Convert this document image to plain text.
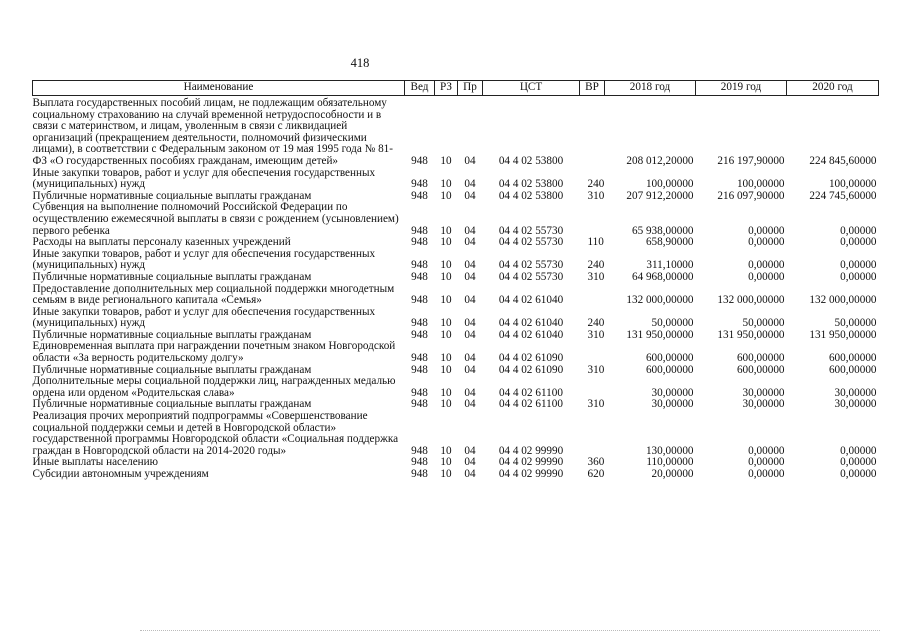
418
Наименование	Вед	РЗ	Пр	ЦСТ	ВР	2018 год	2019 год	2020 год
Выплата государственных пособий лицам, не подлежащим обязательному социальному страхованию на случай временной нетрудоспособности и в связи с материнством, и лицам, уволенным в связи с ликвидацией организаций (прекращением деятельности, полномочий физическими лицами), в соответствии с Федеральным законом от 19 мая 1995 года № 81-ФЗ «О государственных пособиях гражданам, имеющим детей»	948	10	04	04 4 02 53800		208 012,20000	216 197,90000	224 845,60000
Иные закупки товаров, работ и услуг для обеспечения государственных (муниципальных) нужд	948	10	04	04 4 02 53800	240	100,00000	100,00000	100,00000
Публичные нормативные социальные выплаты гражданам	948	10	04	04 4 02 53800	310	207 912,20000	216 097,90000	224 745,60000
Субвенция на выполнение полномочий Российской Федерации по осуществлению ежемесячной выплаты в связи с рождением (усыновлением) первого ребенка	948	10	04	04 4 02 55730		65 938,00000	0,00000	0,00000
Расходы на выплаты персоналу казенных учреждений	948	10	04	04 4 02 55730	110	658,90000	0,00000	0,00000
Иные закупки товаров, работ и услуг для обеспечения государственных (муниципальных) нужд	948	10	04	04 4 02 55730	240	311,10000	0,00000	0,00000
Публичные нормативные социальные выплаты гражданам	948	10	04	04 4 02 55730	310	64 968,00000	0,00000	0,00000
Предоставление дополнительных мер социальной поддержки многодетным семьям в виде регионального капитала «Семья»	948	10	04	04 4 02 61040		132 000,00000	132 000,00000	132 000,00000
Иные закупки товаров, работ и услуг для обеспечения государственных (муниципальных) нужд	948	10	04	04 4 02 61040	240	50,00000	50,00000	50,00000
Публичные нормативные социальные выплаты гражданам	948	10	04	04 4 02 61040	310	131 950,00000	131 950,00000	131 950,00000
Единовременная выплата при награждении почетным знаком Новгородской области «За верность родительскому долгу»	948	10	04	04 4 02 61090		600,00000	600,00000	600,00000
Публичные нормативные социальные выплаты гражданам	948	10	04	04 4 02 61090	310	600,00000	600,00000	600,00000
Дополнительные меры социальной поддержки лиц, награжденных медалью ордена или орденом «Родительская слава»	948	10	04	04 4 02 61100		30,00000	30,00000	30,00000
Публичные нормативные социальные выплаты гражданам	948	10	04	04 4 02 61100	310	30,00000	30,00000	30,00000
Реализация прочих мероприятий подпрограммы «Совершенствование социальной поддержки семьи и детей в Новгородской области» государственной программы Новгородской области «Социальная поддержка граждан в Новгородской области на 2014-2020 годы»	948	10	04	04 4 02 99990		130,00000	0,00000	0,00000
Иные выплаты населению	948	10	04	04 4 02 99990	360	110,00000	0,00000	0,00000
Субсидии автономным учреждениям	948	10	04	04 4 02 99990	620	20,00000	0,00000	0,00000
